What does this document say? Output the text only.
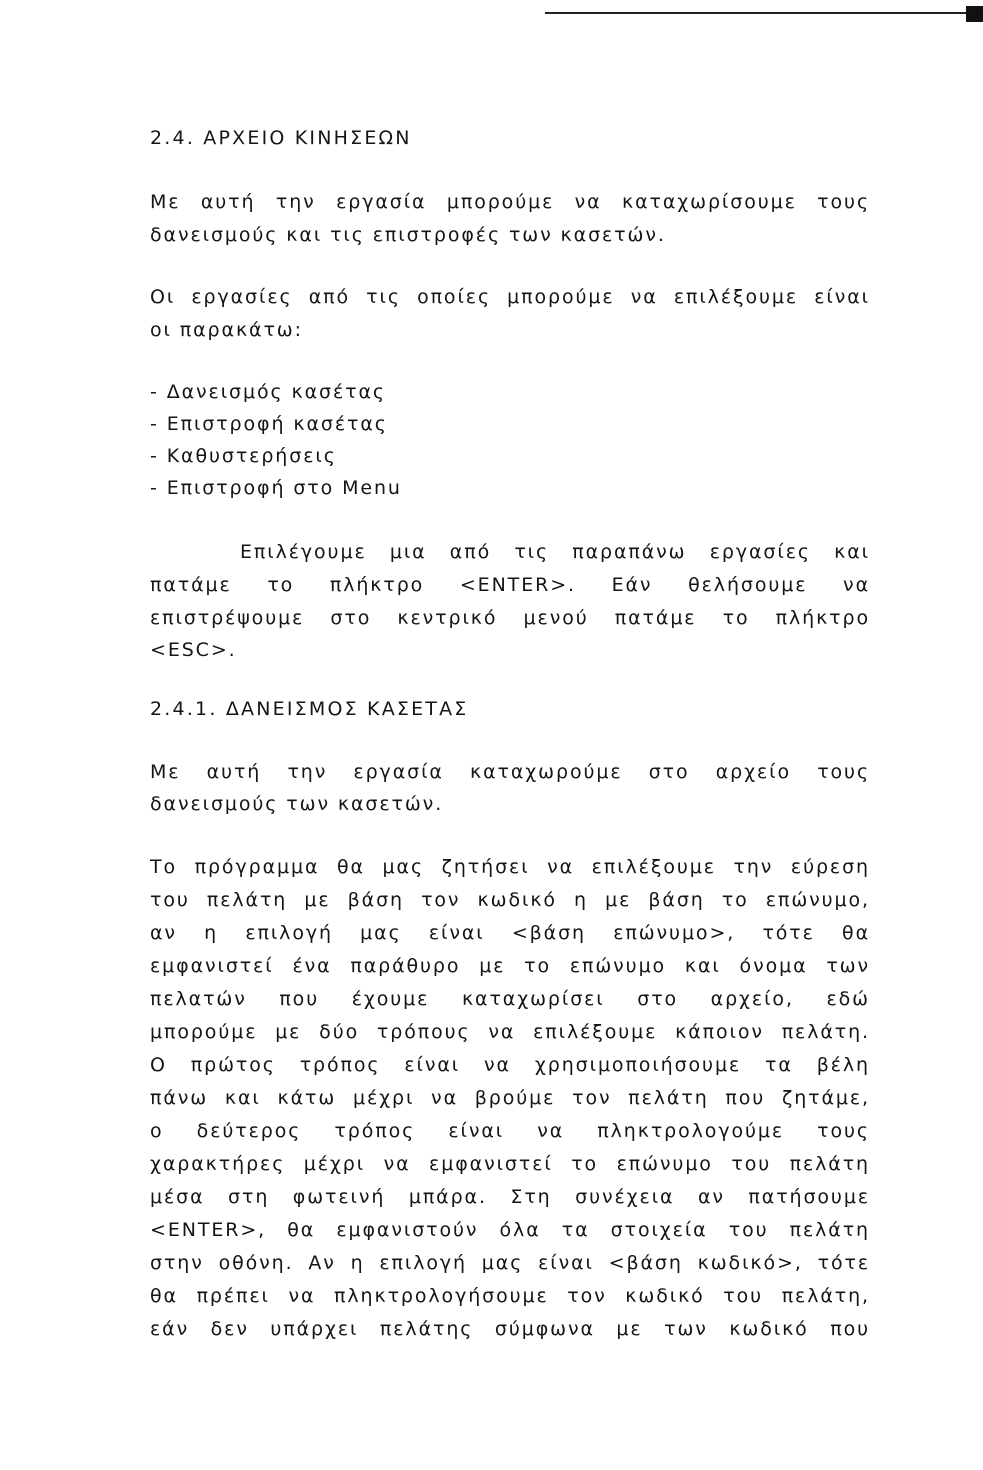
2.4. ΑΡΧΕΙΟ ΚΙΝΗΣΕΩΝ
Με αυτή την εργασία μπορούμε να καταχωρίσουμε τους
δανεισμούς και τις επιστροφές των κασετών.
Οι εργασίες από τις οποίες μπορούμε να επιλέξουμε είναι
οι παρακάτω:
- Δανεισμός κασέτας
- Επιστροφή κασέτας
- Καθυστερήσεις
- Επιστροφή στο Menu
Επιλέγουμε μια από τις παραπάνω εργασίες και
πατάμε το πλήκτρο <ENTER>. Εάν θελήσουμε να
επιστρέψουμε στο κεντρικό μενού πατάμε το πλήκτρο
<ESC>.
2.4.1. ΔΑΝΕΙΣΜΟΣ ΚΑΣΕΤΑΣ
Με αυτή την εργασία καταχωρούμε στο αρχείο τους
δανεισμούς των κασετών.
Το πρόγραμμα θα μας ζητήσει να επιλέξουμε την εύρεση
του πελάτη με βάση τον κωδικό η με βάση το επώνυμο,
αν η επιλογή μας είναι <βάση επώνυμο>, τότε θα
εμφανιστεί ένα παράθυρο με το επώνυμο και όνομα των
πελατών που έχουμε καταχωρίσει στο αρχείο, εδώ
μπορούμε με δύο τρόπους να επιλέξουμε κάποιον πελάτη.
Ο πρώτος τρόπος είναι να χρησιμοποιήσουμε τα βέλη
πάνω και κάτω μέχρι να βρούμε τον πελάτη που ζητάμε,
ο δεύτερος τρόπος είναι να πληκτρολογούμε τους
χαρακτήρες μέχρι να εμφανιστεί το επώνυμο του πελάτη
μέσα στη φωτεινή μπάρα. Στη συνέχεια αν πατήσουμε
<ENTER>, θα εμφανιστούν όλα τα στοιχεία του πελάτη
στην οθόνη. Αν η επιλογή μας είναι <βάση κωδικό>, τότε
θα πρέπει να πληκτρολογήσουμε τον κωδικό του πελάτη,
εάν δεν υπάρχει πελάτης σύμφωνα με των κωδικό που
